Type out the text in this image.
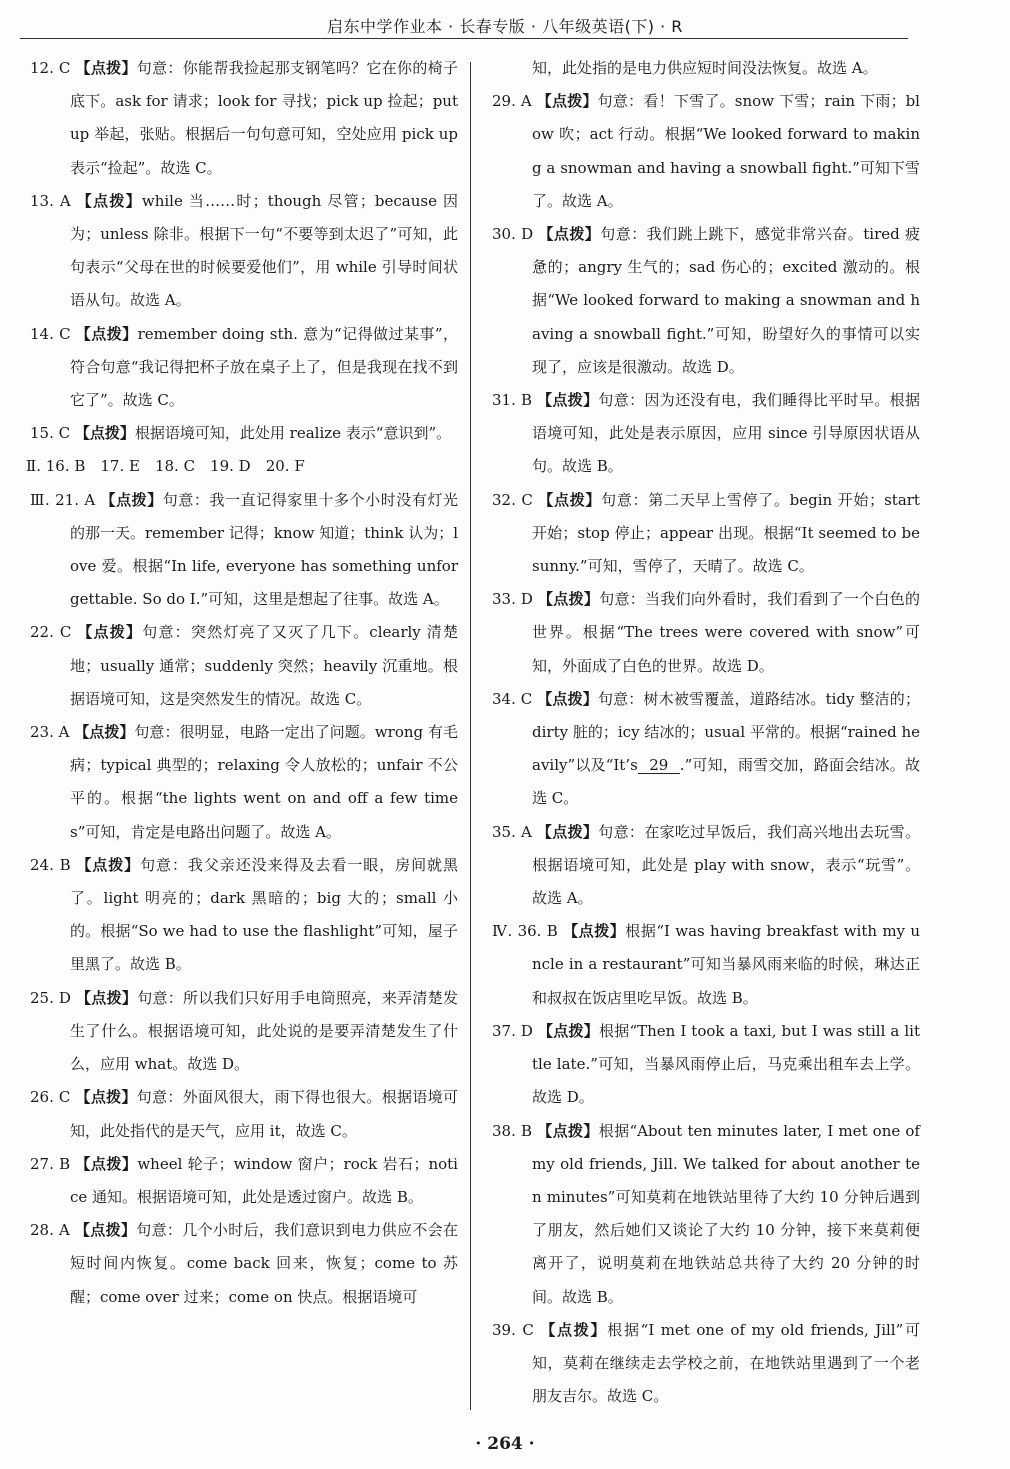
启东中学作业本 · 长春专版 · 八年级英语(下) · R

12. C 【点拨】句意：你能帮我捡起那支钢笔吗？它在你的椅子底下。ask for 请求；look for 寻找；pick up 捡起；put up 举起，张贴。根据后一句句意可知，空处应用 pick up 表示“捡起”。故选 C。

13. A 【点拨】while 当……时；though 尽管；because 因为；unless 除非。根据下一句“不要等到太迟了”可知，此句表示“父母在世的时候要爱他们”，用 while 引导时间状语从句。故选 A。

14. C 【点拨】remember doing sth. 意为“记得做过某事”，符合句意“我记得把杯子放在桌子上了，但是我现在找不到它了”。故选 C。

15. C 【点拨】根据语境可知，此处用 realize 表示“意识到”。

Ⅱ. 16. B　17. E　18. C　19. D　20. F

Ⅲ. 21. A 【点拨】句意：我一直记得家里十多个小时没有灯光的那一天。remember 记得；know 知道；think 认为；love 爱。根据“In life, everyone has something unforgettable. So do I.”可知，这里是想起了往事。故选 A。

22. C 【点拨】句意：突然灯亮了又灭了几下。clearly 清楚地；usually 通常；suddenly 突然；heavily 沉重地。根据语境可知，这是突然发生的情况。故选 C。

23. A 【点拨】句意：很明显，电路一定出了问题。wrong 有毛病；typical 典型的；relaxing 令人放松的；unfair 不公平的。根据“the lights went on and off a few times”可知，肯定是电路出问题了。故选 A。

24. B 【点拨】句意：我父亲还没来得及去看一眼，房间就黑了。light 明亮的；dark 黑暗的；big 大的；small 小的。根据“So we had to use the flashlight”可知，屋子里黑了。故选 B。

25. D 【点拨】句意：所以我们只好用手电筒照亮，来弄清楚发生了什么。根据语境可知，此处说的是要弄清楚发生了什么，应用 what。故选 D。

26. C 【点拨】句意：外面风很大，雨下得也很大。根据语境可知，此处指代的是天气，应用 it，故选 C。

27. B 【点拨】wheel 轮子；window 窗户；rock 岩石；notice 通知。根据语境可知，此处是透过窗户。故选 B。

28. A 【点拨】句意：几个小时后，我们意识到电力供应不会在短时间内恢复。come back 回来，恢复；come to 苏醒；come over 过来；come on 快点。根据语境可

知，此处指的是电力供应短时间没法恢复。故选 A。

29. A 【点拨】句意：看！下雪了。snow 下雪；rain 下雨；blow 吹；act 行动。根据“We looked forward to making a snowman and having a snowball fight.”可知下雪了。故选 A。

30. D 【点拨】句意：我们跳上跳下，感觉非常兴奋。tired 疲惫的；angry 生气的；sad 伤心的；excited 激动的。根据“We looked forward to making a snowman and having a snowball fight.”可知，盼望好久的事情可以实现了，应该是很激动。故选 D。

31. B 【点拨】句意：因为还没有电，我们睡得比平时早。根据语境可知，此处是表示原因，应用 since 引导原因状语从句。故选 B。

32. C 【点拨】句意：第二天早上雪停了。begin 开始；start 开始；stop 停止；appear 出现。根据“It seemed to be sunny.”可知，雪停了，天晴了。故选 C。

33. D 【点拨】句意：当我们向外看时，我们看到了一个白色的世界。根据“The trees were covered with snow”可知，外面成了白色的世界。故选 D。

34. C 【点拨】句意：树木被雪覆盖，道路结冰。tidy 整洁的；dirty 脏的；icy 结冰的；usual 平常的。根据“rained heavily”以及“It’s 29 .”可知，雨雪交加，路面会结冰。故选 C。

35. A 【点拨】句意：在家吃过早饭后，我们高兴地出去玩雪。根据语境可知，此处是 play with snow，表示“玩雪”。故选 A。

Ⅳ. 36. B 【点拨】根据“I was having breakfast with my uncle in a restaurant”可知当暴风雨来临的时候，琳达正和叔叔在饭店里吃早饭。故选 B。

37. D 【点拨】根据“Then I took a taxi, but I was still a little late.”可知，当暴风雨停止后，马克乘出租车去上学。故选 D。

38. B 【点拨】根据“About ten minutes later, I met one of my old friends, Jill. We talked for about another ten minutes”可知莫莉在地铁站里待了大约 10 分钟后遇到了朋友，然后她们又谈论了大约 10 分钟，接下来莫莉便离开了，说明莫莉在地铁站总共待了大约 20 分钟的时间。故选 B。

39. C 【点拨】根据“I met one of my old friends, Jill”可知，莫莉在继续走去学校之前，在地铁站里遇到了一个老朋友吉尔。故选 C。

· 264 ·
